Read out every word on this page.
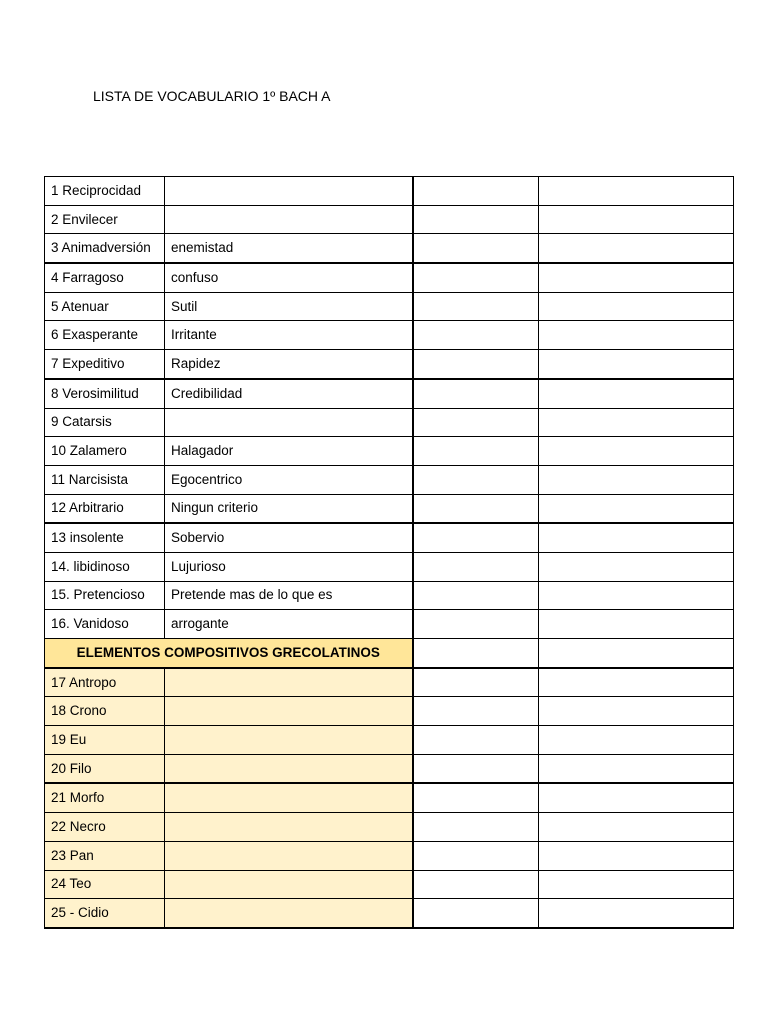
LISTA DE VOCABULARIO 1º BACH A
1 Reciprocidad			
2 Envilecer			
3 Animadversión	enemistad		
4 Farragoso	confuso		
5 Atenuar	Sutil		
6 Exasperante	Irritante		
7 Expeditivo	Rapidez		
8 Verosimilitud	Credibilidad		
9 Catarsis			
10 Zalamero	Halagador		
11 Narcisista	Egocentrico		
12 Arbitrario	Ningun criterio		
13 insolente	Sobervio		
14. libidinoso	Lujurioso		
15. Pretencioso	Pretende mas de lo que es		
16. Vanidoso	arrogante		
ELEMENTOS COMPOSITIVOS GRECOLATINOS			
17 Antropo			
18 Crono			
19 Eu			
20 Filo			
21 Morfo			
22 Necro			
23 Pan			
24 Teo			
25 - Cidio			
